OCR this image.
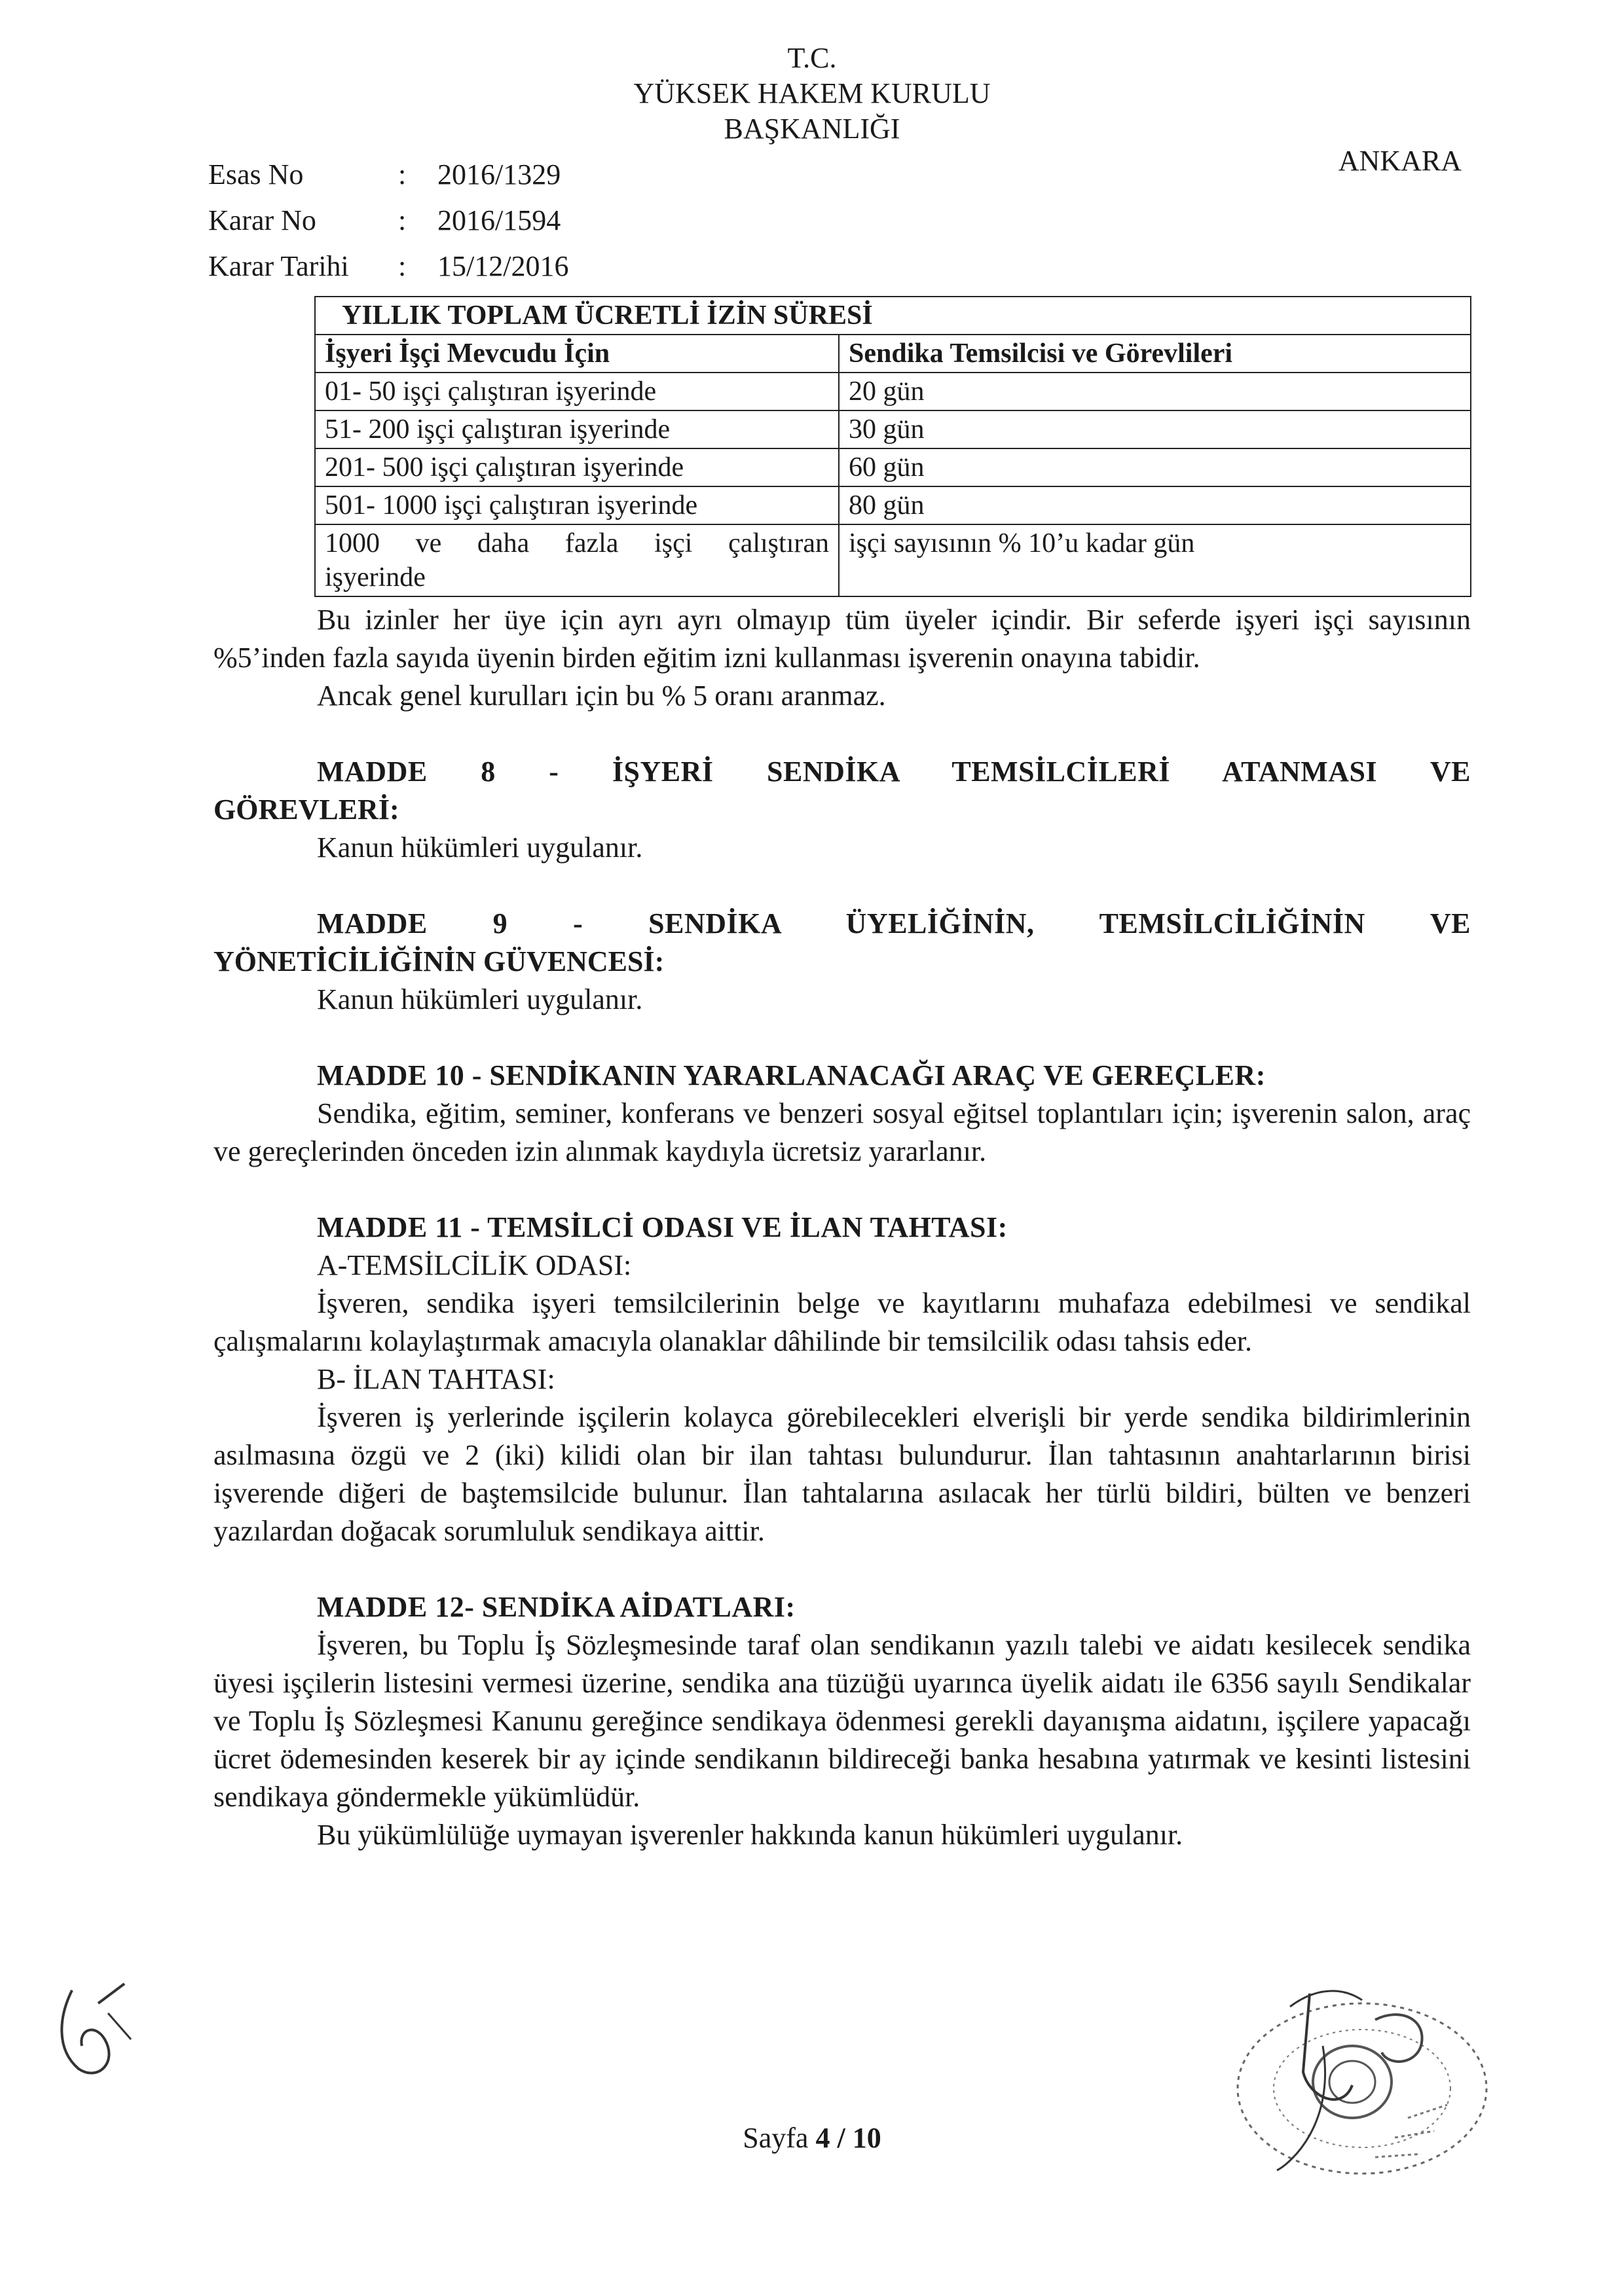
T.C.
YÜKSEK HAKEM KURULU
BAŞKANLIĞI
ANKARA
Esas No	:	2016/1329
Karar No	:	2016/1594
Karar Tarihi	:	15/12/2016
YILLIK TOPLAM ÜCRETLİ İZİN SÜRESİ	
İşyeri İşçi Mevcudu İçin	Sendika Temsilcisi ve Görevlileri
01- 50 işçi çalıştıran işyerinde	20 gün
51- 200 işçi çalıştıran işyerinde	30 gün
201- 500 işçi çalıştıran işyerinde	60 gün
501- 1000 işçi çalıştıran işyerinde	80 gün

1000 ve daha fazla işçi çalıştıran
işyerinde	işçi sayısının % 10’u kadar gün

Bu izinler her üye için ayrı ayrı olmayıp tüm üyeler içindir. Bir seferde işyeri işçi sayısının %5’inden fazla sayıda üyenin birden eğitim izni kullanması işverenin onayına tabidir.

Ancak genel kurulları için bu % 5 oranı aranmaz.

MADDE 8 - İŞYERİ SENDİKA TEMSİLCİLERİ ATANMASI VE

GÖREVLERİ:

Kanun hükümleri uygulanır.

MADDE 9 - SENDİKA ÜYELİĞİNİN, TEMSİLCİLİĞİNİN VE

YÖNETİCİLİĞİNİN GÜVENCESİ:

Kanun hükümleri uygulanır.

MADDE 10 - SENDİKANIN YARARLANACAĞI ARAÇ VE GEREÇLER:

Sendika, eğitim, seminer, konferans ve benzeri sosyal eğitsel toplantıları için; işverenin salon, araç ve gereçlerinden önceden izin alınmak kaydıyla ücretsiz yararlanır.

MADDE 11 - TEMSİLCİ ODASI VE İLAN TAHTASI:

A-TEMSİLCİLİK ODASI:

İşveren, sendika işyeri temsilcilerinin belge ve kayıtlarını muhafaza edebilmesi ve sendikal çalışmalarını kolaylaştırmak amacıyla olanaklar dâhilinde bir temsilcilik odası tahsis eder.

B- İLAN TAHTASI:

İşveren iş yerlerinde işçilerin kolayca görebilecekleri elverişli bir yerde sendika bildirimlerinin asılmasına özgü ve 2 (iki) kilidi olan bir ilan tahtası bulundurur. İlan tahtasının anahtarlarının birisi işverende diğeri de baştemsilcide bulunur. İlan tahtalarına asılacak her türlü bildiri, bülten ve benzeri yazılardan doğacak sorumluluk sendikaya aittir.

MADDE 12- SENDİKA AİDATLARI:

İşveren, bu Toplu İş Sözleşmesinde taraf olan sendikanın yazılı talebi ve aidatı kesilecek sendika üyesi işçilerin listesini vermesi üzerine, sendika ana tüzüğü uyarınca üyelik aidatı ile 6356 sayılı Sendikalar ve Toplu İş Sözleşmesi Kanunu gereğince sendikaya ödenmesi gerekli dayanışma aidatını, işçilere yapacağı ücret ödemesinden keserek bir ay içinde sendikanın bildireceği banka hesabına yatırmak ve kesinti listesini sendikaya göndermekle yükümlüdür.

Bu yükümlülüğe uymayan işverenler hakkında kanun hükümleri uygulanır.

Sayfa 4 / 10
